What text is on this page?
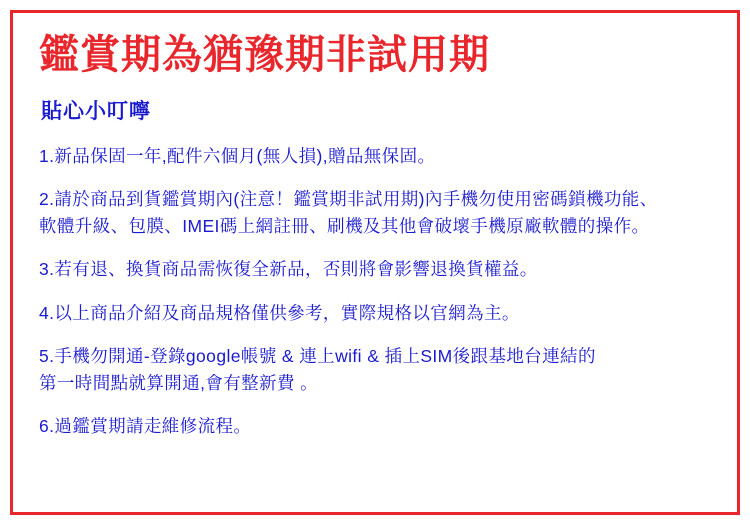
鑑賞期為猶豫期非試用期
貼心小叮嚀
1.新品保固一年,配件六個月(無人損),贈品無保固。
2.請於商品到貨鑑賞期內(注意！鑑賞期非試用期)內手機勿使用密碼鎖機功能、
軟體升級、包膜、IMEI碼上網註冊、刷機及其他會破壞手機原廠軟體的操作。
3.若有退、換貨商品需恢復全新品，否則將會影響退換貨權益。
4.以上商品介紹及商品規格僅供參考，實際規格以官網為主。
5.手機勿開通-登錄google帳號 & 連上wifi & 插上SIM後跟基地台連結的
第一時間點就算開通,會有整新費 。
6.過鑑賞期請走維修流程。
